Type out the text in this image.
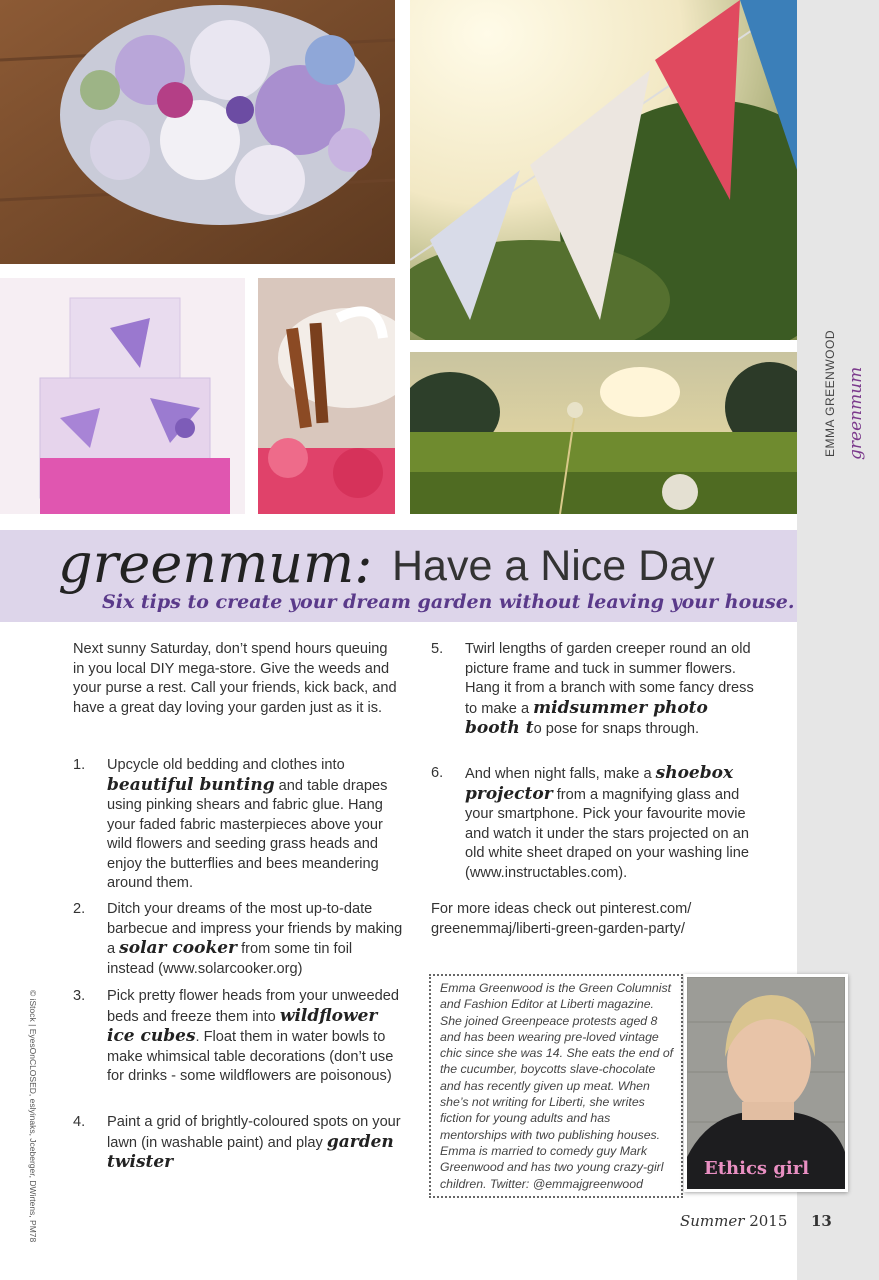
EMMA GREENWOOD greenmum
greenmum: Have a Nice Day
Six tips to create your dream garden without leaving your house.
Next sunny Saturday, don’t spend hours queuing in you local DIY mega-store. Give the weeds and your purse a rest. Call your friends, kick back, and have a great day loving your garden just as it is.
1. Upcycle old bedding and clothes into beautiful bunting and table drapes using pinking shears and fabric glue. Hang your faded fabric masterpieces above your wild flowers and seeding grass heads and enjoy the butterflies and bees meandering around them.
2. Ditch your dreams of the most up-to-date barbecue and impress your friends by making a solar cooker from some tin foil instead (www.solarcooker.org)
3. Pick pretty flower heads from your unweeded beds and freeze them into wildflower ice cubes. Float them in water bowls to make whimsical table decorations (don’t use for drinks - some wildflowers are poisonous)
4. Paint a grid of brightly-coloured spots on your lawn (in washable paint) and play garden twister
5. Twirl lengths of garden creeper round an old picture frame and tuck in summer flowers. Hang it from a branch with some fancy dress to make a midsummer photo booth to pose for snaps through.
6. And when night falls, make a shoebox projector from a magnifying glass and your smartphone. Pick your favourite movie and watch it under the stars projected on an old white sheet draped on your washing line (www.instructables.com).
For more ideas check out pinterest.com/ greenemmaj/liberti-green-garden-party/
Emma Greenwood is the Green Columnist and Fashion Editor at Liberti magazine. She joined Greenpeace protests aged 8 and has been wearing pre-loved vintage chic since she was 14. She eats the end of the cucumber, boycotts slave-chocolate and has recently given up meat. When she’s not writing for Liberti, she writes fiction for young adults and has mentorships with two publishing houses. Emma is married to comedy guy Mark Greenwood and has two young crazy-girl children. Twitter: @emmajgreenwood
Ethics girl
© iStock | EyesOnCLOSED, eslyinaks, Jceberger, DWirtens, PM78	Summer 2015 13
